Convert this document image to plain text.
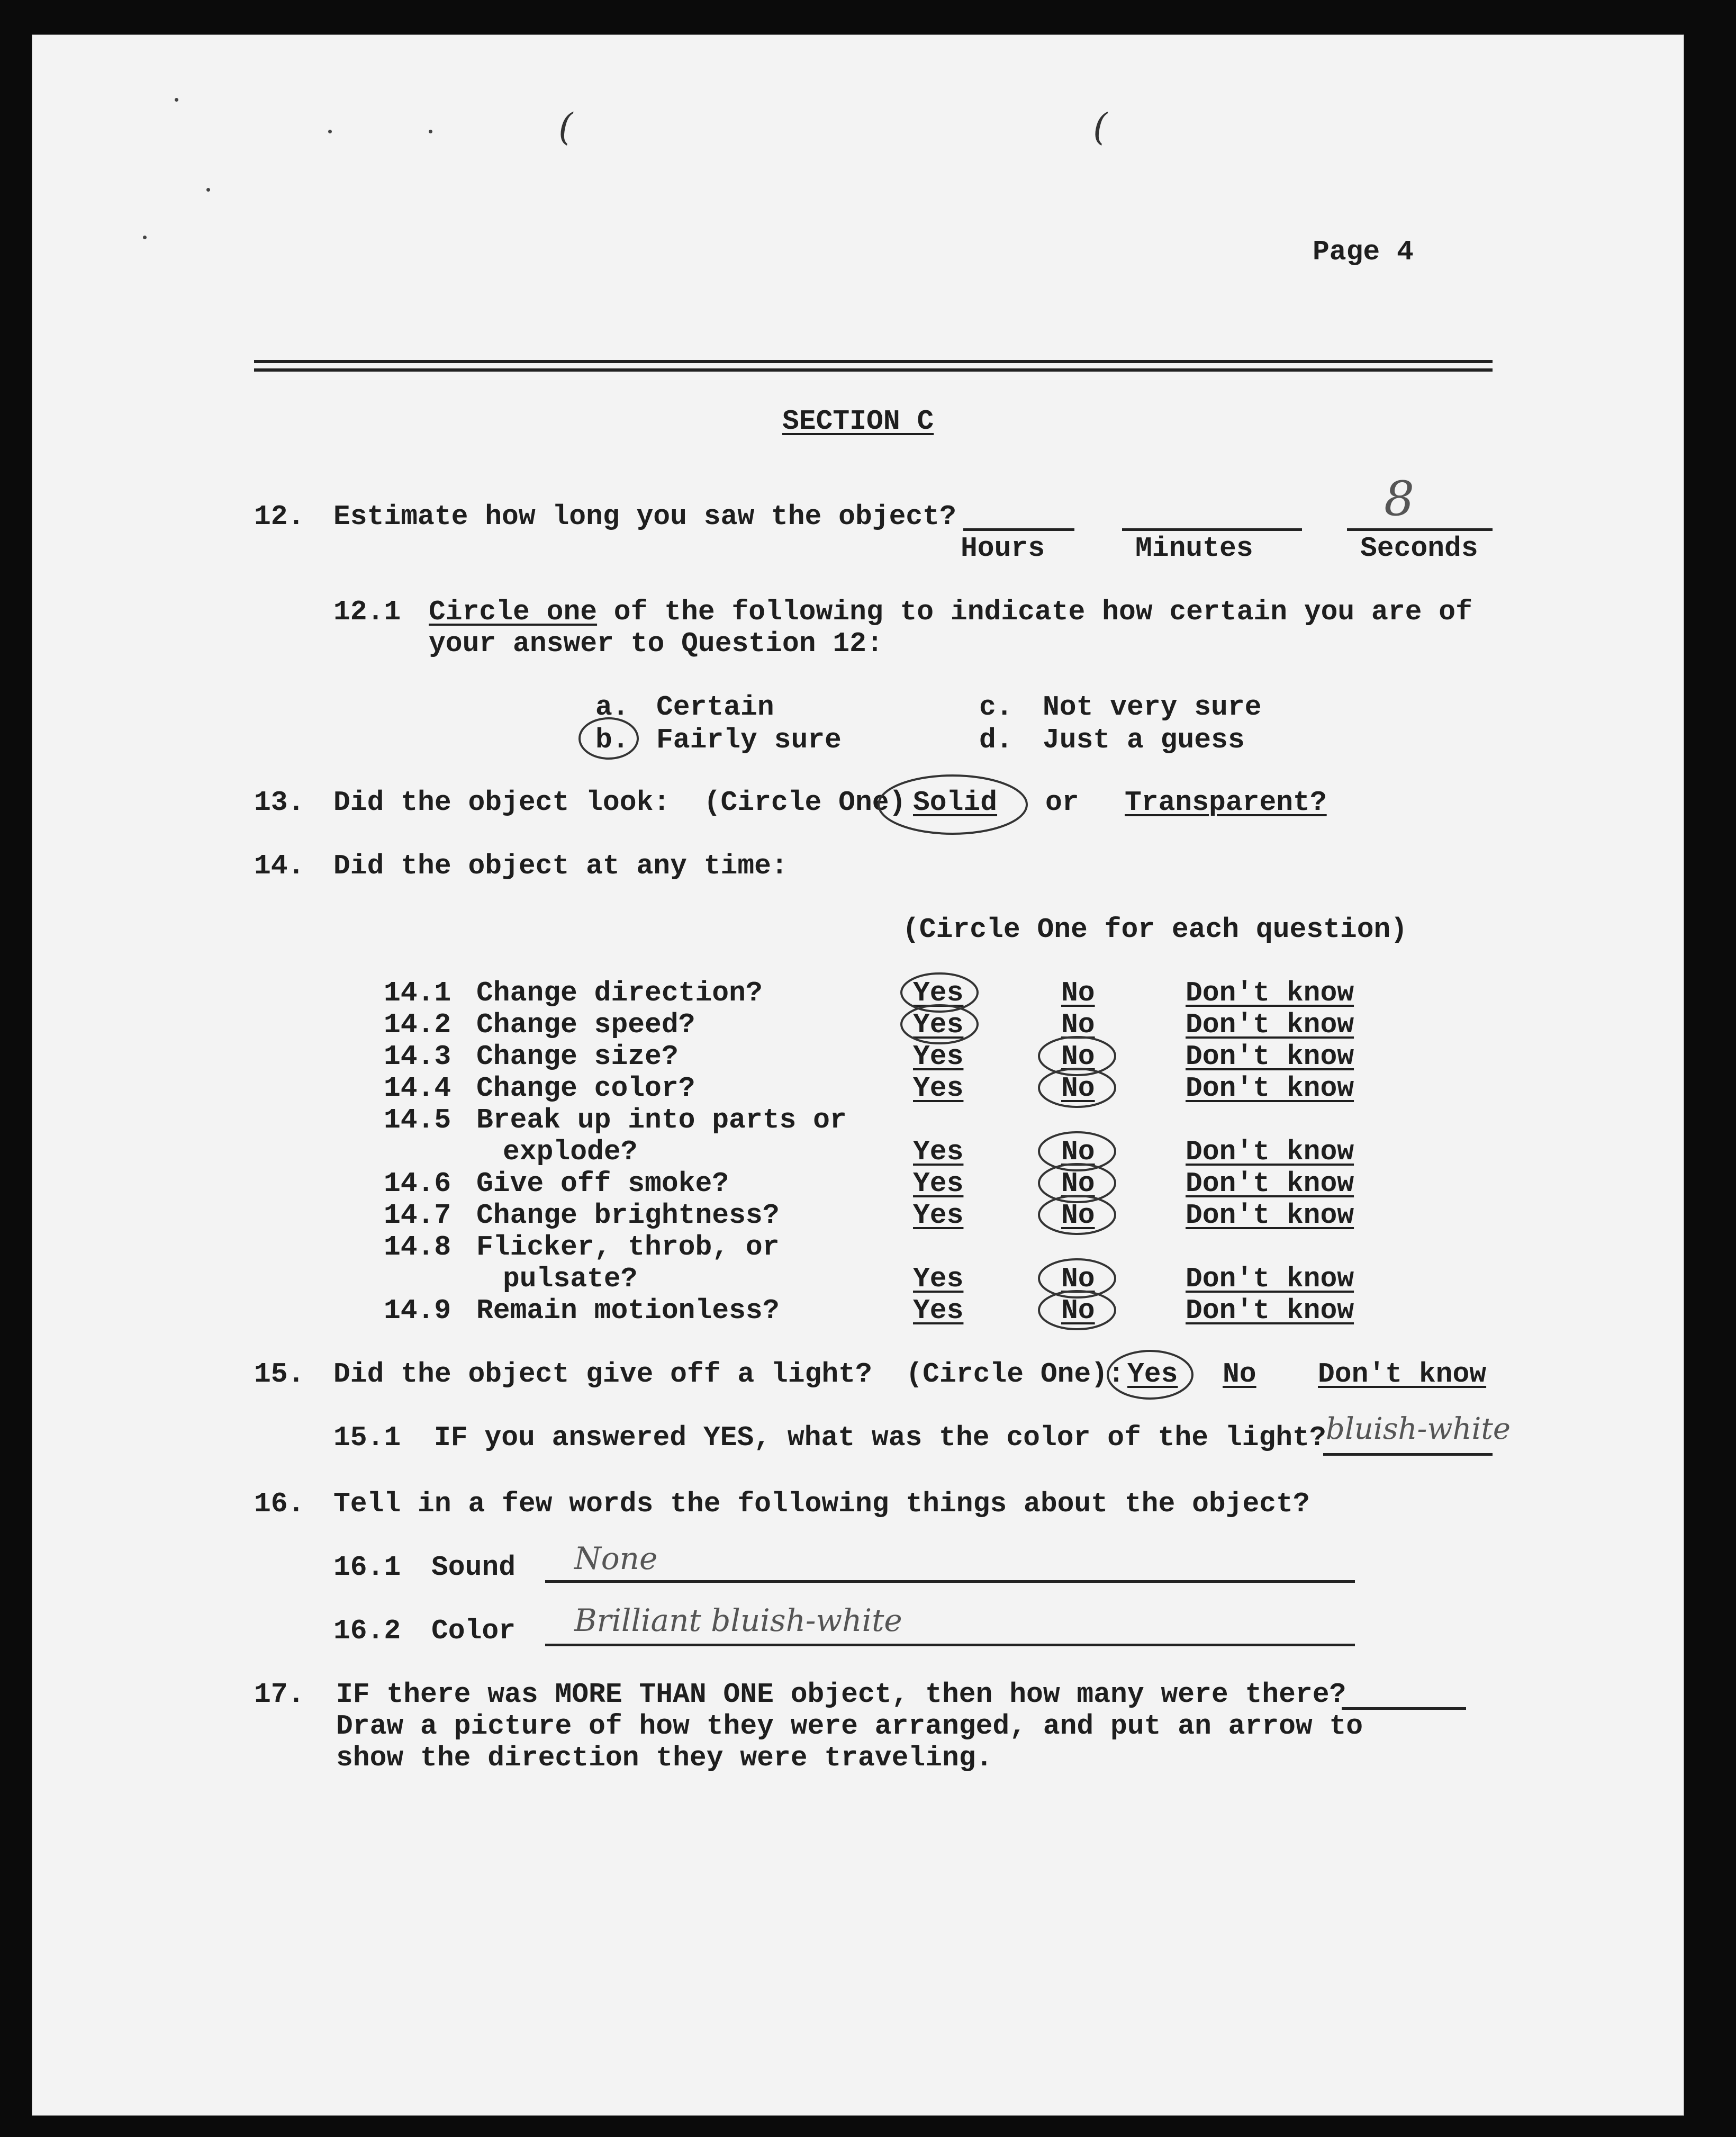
(	(
Page 4
SECTION C
12. Estimate how long you saw the object?	8
Hours	Minutes	Seconds
12.1 Circle one of the following to indicate how certain you are of
your answer to Question 12:
a. Certain
b. Fairly sure
c. Not very sure
d. Just a guess
13. Did the object look:  (Circle One) Solid or Transparent?
14. Did the object at any time:
(Circle One for each question)
14.1 Change direction?	Yes	No	Don't know
14.2 Change speed?	Yes	No	Don't know
14.3 Change size?	Yes	No	Don't know
14.4 Change color?	Yes	No	Don't know
14.5 Break up into parts or
explode?	Yes	No	Don't know
14.6 Give off smoke?	Yes	No	Don't know
14.7 Change brightness?	Yes	No	Don't know
14.8 Flicker, throb, or
pulsate?	Yes	No	Don't know
14.9 Remain motionless?	Yes	No	Don't know
15. Did the object give off a light?  (Circle One): Yes No Don't know
15.1 IF you answered YES, what was the color of the light? bluish-white
16. Tell in a few words the following things about the object?
16.1 Sound None
16.2 Color Brilliant bluish-white
17. IF there was MORE THAN ONE object, then how many were there?
Draw a picture of how they were arranged, and put an arrow to
show the direction they were traveling.
